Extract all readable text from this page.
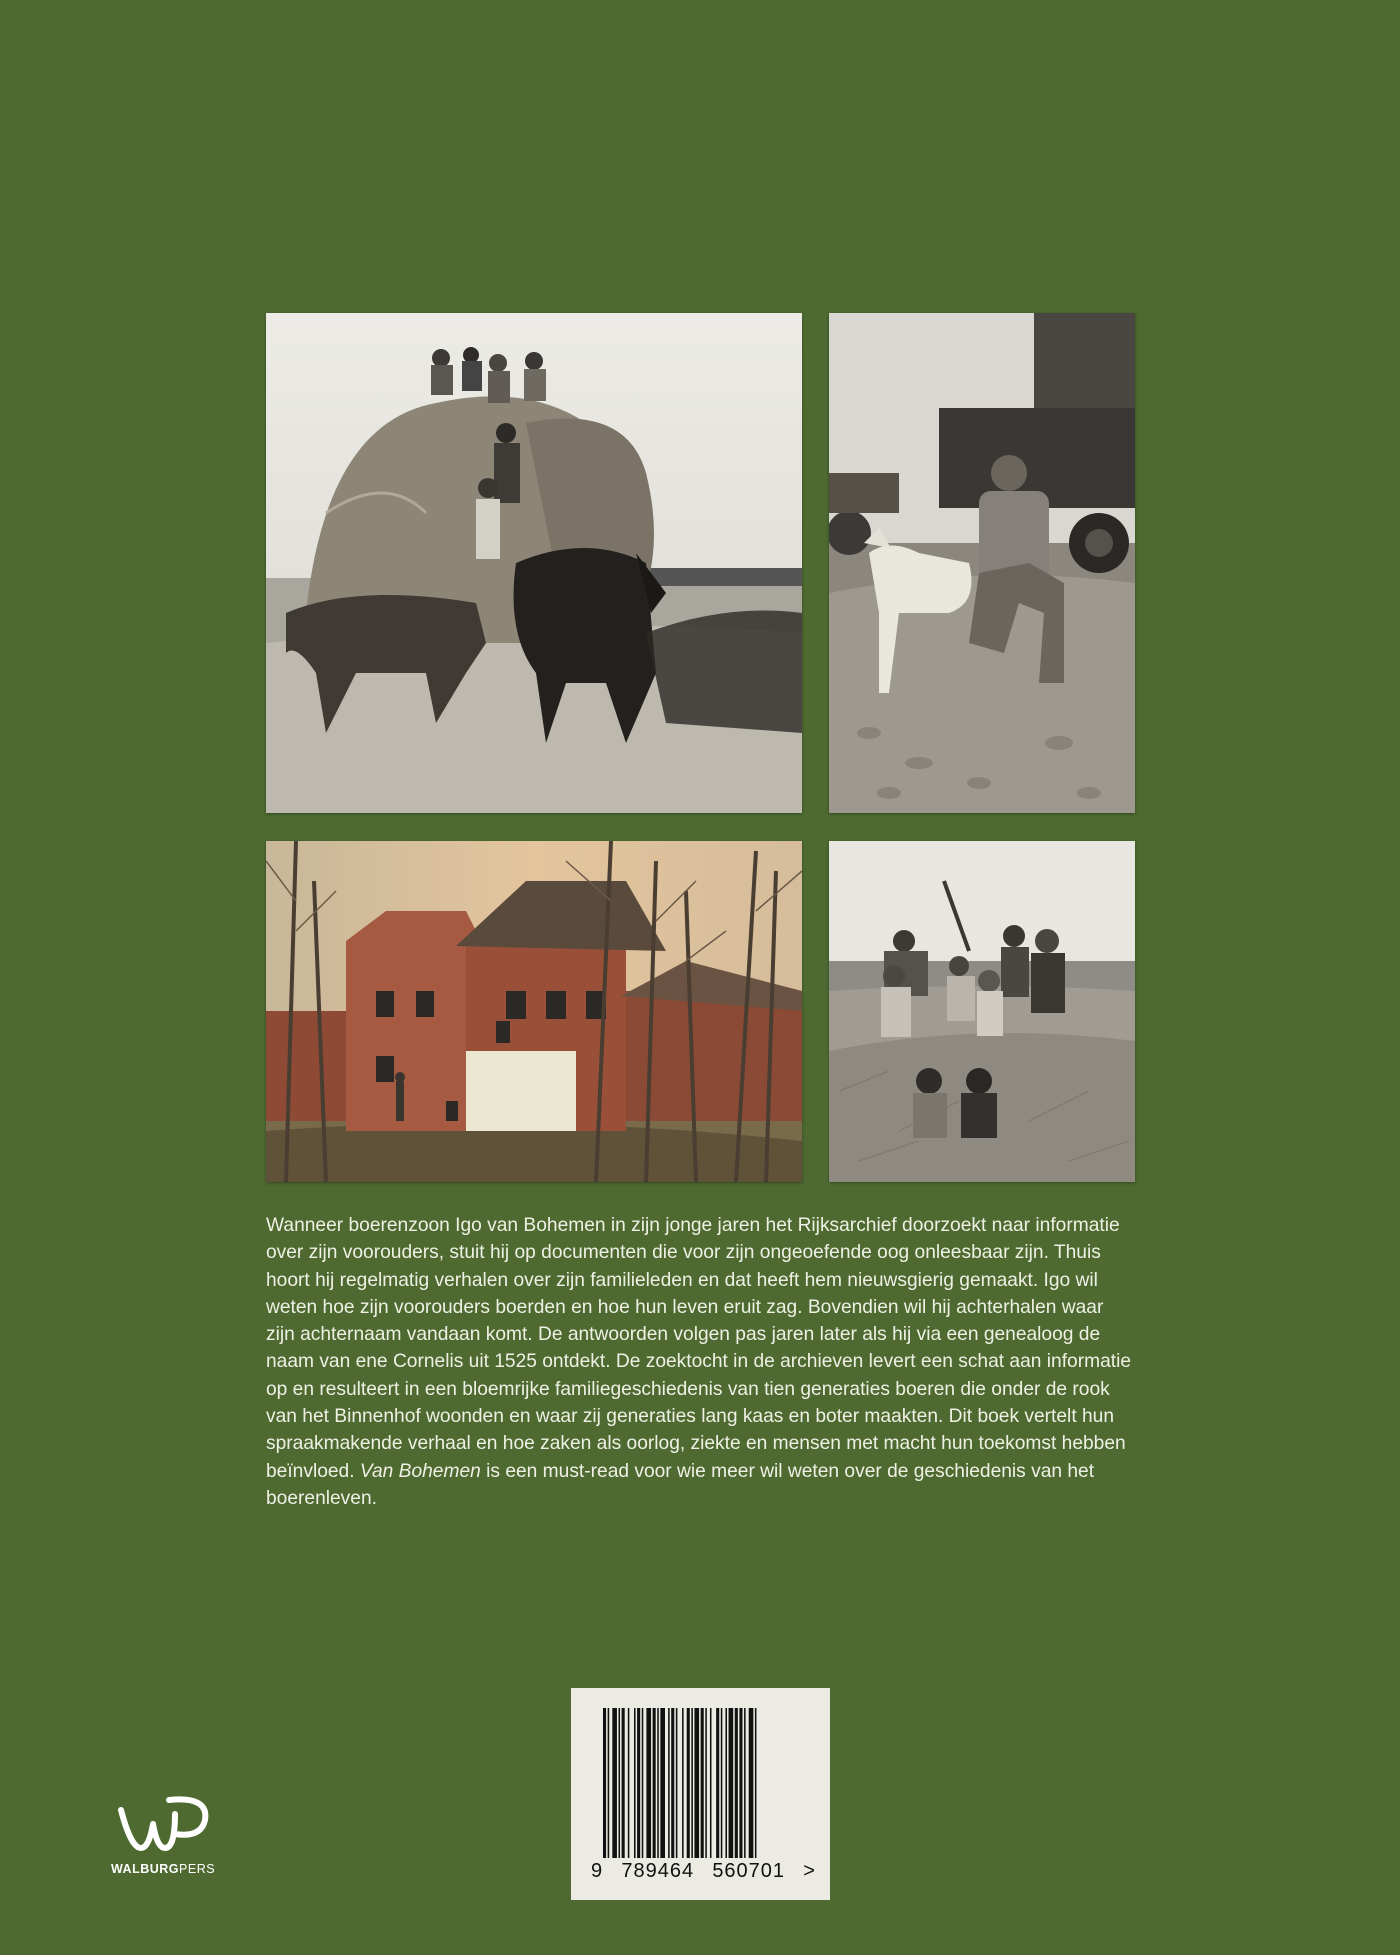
Wanneer boerenzoon Igo van Bohemen in zijn jonge jaren het Rijksarchief doorzoekt naar informatie over zijn voorouders, stuit hij op documenten die voor zijn ongeoefende oog onleesbaar zijn. Thuis hoort hij regelmatig verhalen over zijn familieleden en dat heeft hem nieuwsgierig gemaakt. Igo wil weten hoe zijn voorouders boerden en hoe hun leven eruit zag. Bovendien wil hij achterhalen waar zijn achternaam vandaan komt. De antwoorden volgen pas jaren later als hij via een genealoog de naam van ene Cornelis uit 1525 ontdekt. De zoektocht in de archieven levert een schat aan informatie op en resulteert in een bloemrijke familiegeschiedenis van tien generaties boeren die onder de rook van het Binnenhof woonden en waar zij generaties lang kaas en boter maakten. Dit boek vertelt hun spraakmakende verhaal en hoe zaken als oorlog, ziekte en mensen met macht hun toekomst hebben beïnvloed. Van Bohemen is een must-read voor wie meer wil weten over de geschiedenis van het boerenleven.

9 789464 560701 >
WALBURGPERS
